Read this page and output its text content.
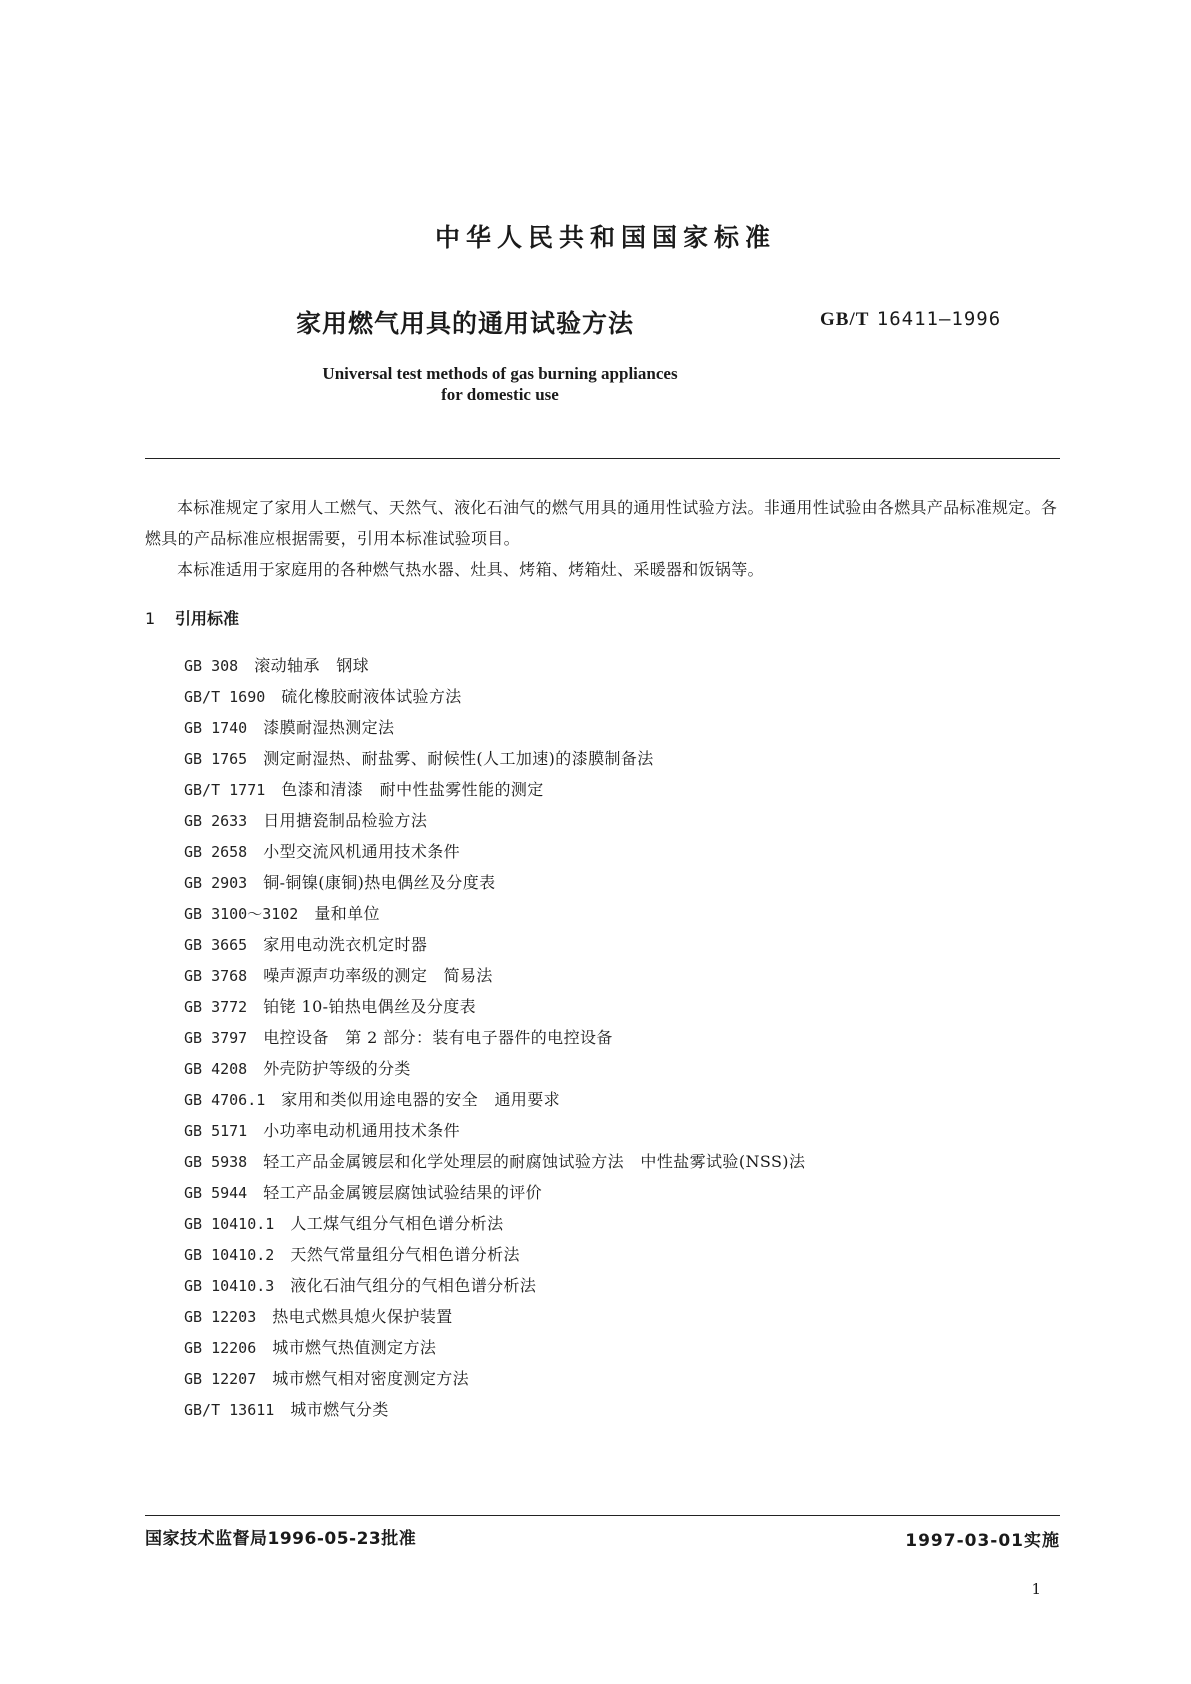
中华人民共和国国家标准
家用燃气用具的通用试验方法	GB/T 16411—1996
Universal test methods of gas burning appliances
for domestic use
本标准规定了家用人工燃气、天然气、液化石油气的燃气用具的通用性试验方法。非通用性试验由各燃具产品标准规定。各燃具的产品标准应根据需要，引用本标准试验项目。
本标准适用于家庭用的各种燃气热水器、灶具、烤箱、烤箱灶、采暖器和饭锅等。
1 引用标准
GB 308 滚动轴承　钢球
GB/T 1690 硫化橡胶耐液体试验方法
GB 1740 漆膜耐湿热测定法
GB 1765 测定耐湿热、耐盐雾、耐候性(人工加速)的漆膜制备法
GB/T 1771 色漆和清漆　耐中性盐雾性能的测定
GB 2633 日用搪瓷制品检验方法
GB 2658 小型交流风机通用技术条件
GB 2903 铜-铜镍(康铜)热电偶丝及分度表
GB 3100～3102 量和单位
GB 3665 家用电动洗衣机定时器
GB 3768 噪声源声功率级的测定　简易法
GB 3772 铂铑 10-铂热电偶丝及分度表
GB 3797 电控设备　第 2 部分：装有电子器件的电控设备
GB 4208 外壳防护等级的分类
GB 4706.1 家用和类似用途电器的安全　通用要求
GB 5171 小功率电动机通用技术条件
GB 5938 轻工产品金属镀层和化学处理层的耐腐蚀试验方法　中性盐雾试验(NSS)法
GB 5944 轻工产品金属镀层腐蚀试验结果的评价
GB 10410.1 人工煤气组分气相色谱分析法
GB 10410.2 天然气常量组分气相色谱分析法
GB 10410.3 液化石油气组分的气相色谱分析法
GB 12203 热电式燃具熄火保护装置
GB 12206 城市燃气热值测定方法
GB 12207 城市燃气相对密度测定方法
GB/T 13611 城市燃气分类
国家技术监督局1996-05-23批准	1997-03-01实施
1
